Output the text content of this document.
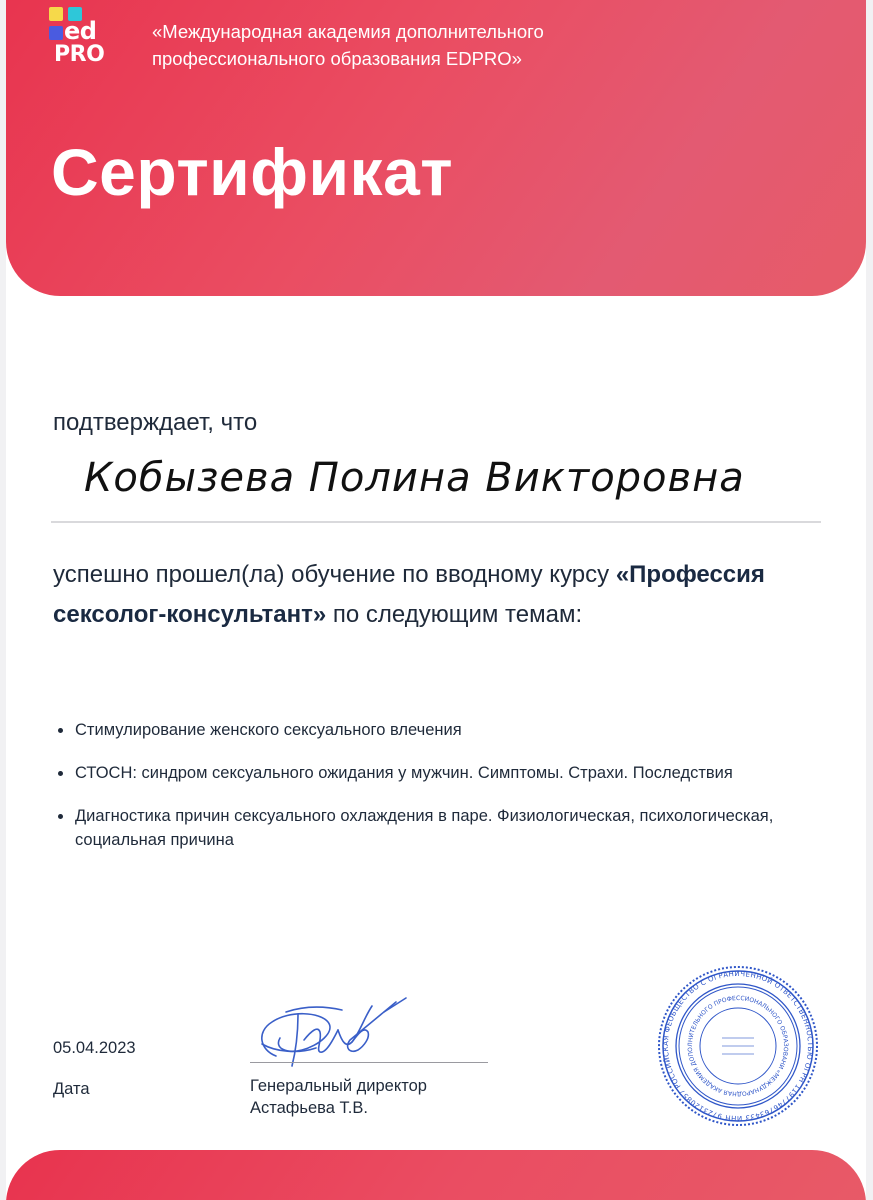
ed
PRO
«Международная академия дополнительного профессионального образования EDPRO»
Сертификат
подтверждает, что
Кобызева Полина Викторовна
успешно прошел(ла) обучение по вводному курсу «Профессия сексолог-консультант» по следующим темам:
Стимулирование женского сексуального влечения
СТОСН: синдром сексуального ожидания у мужчин. Симптомы. Страхи. Последствия
Диагностика причин сексуального охлаждения в паре. Физиологическая, психологическая, социальная причина
05.04.2023
Дата	Генеральный директор
Астафьева Т.В.
ОБЩЕСТВО С ОГРАНИЧЕННОЙ ОТВЕТСТВЕННОСТЬЮ ОГРН 1197746763433 ИНН 9723120857 РОССИЙСКАЯ ФЕДЕРАЦИЯ
«МЕЖДУНАРОДНАЯ АКАДЕМИЯ ДОПОЛНИТЕЛЬНОГО ПРОФЕССИОНАЛЬНОГО ОБРАЗОВАНИЯ»
